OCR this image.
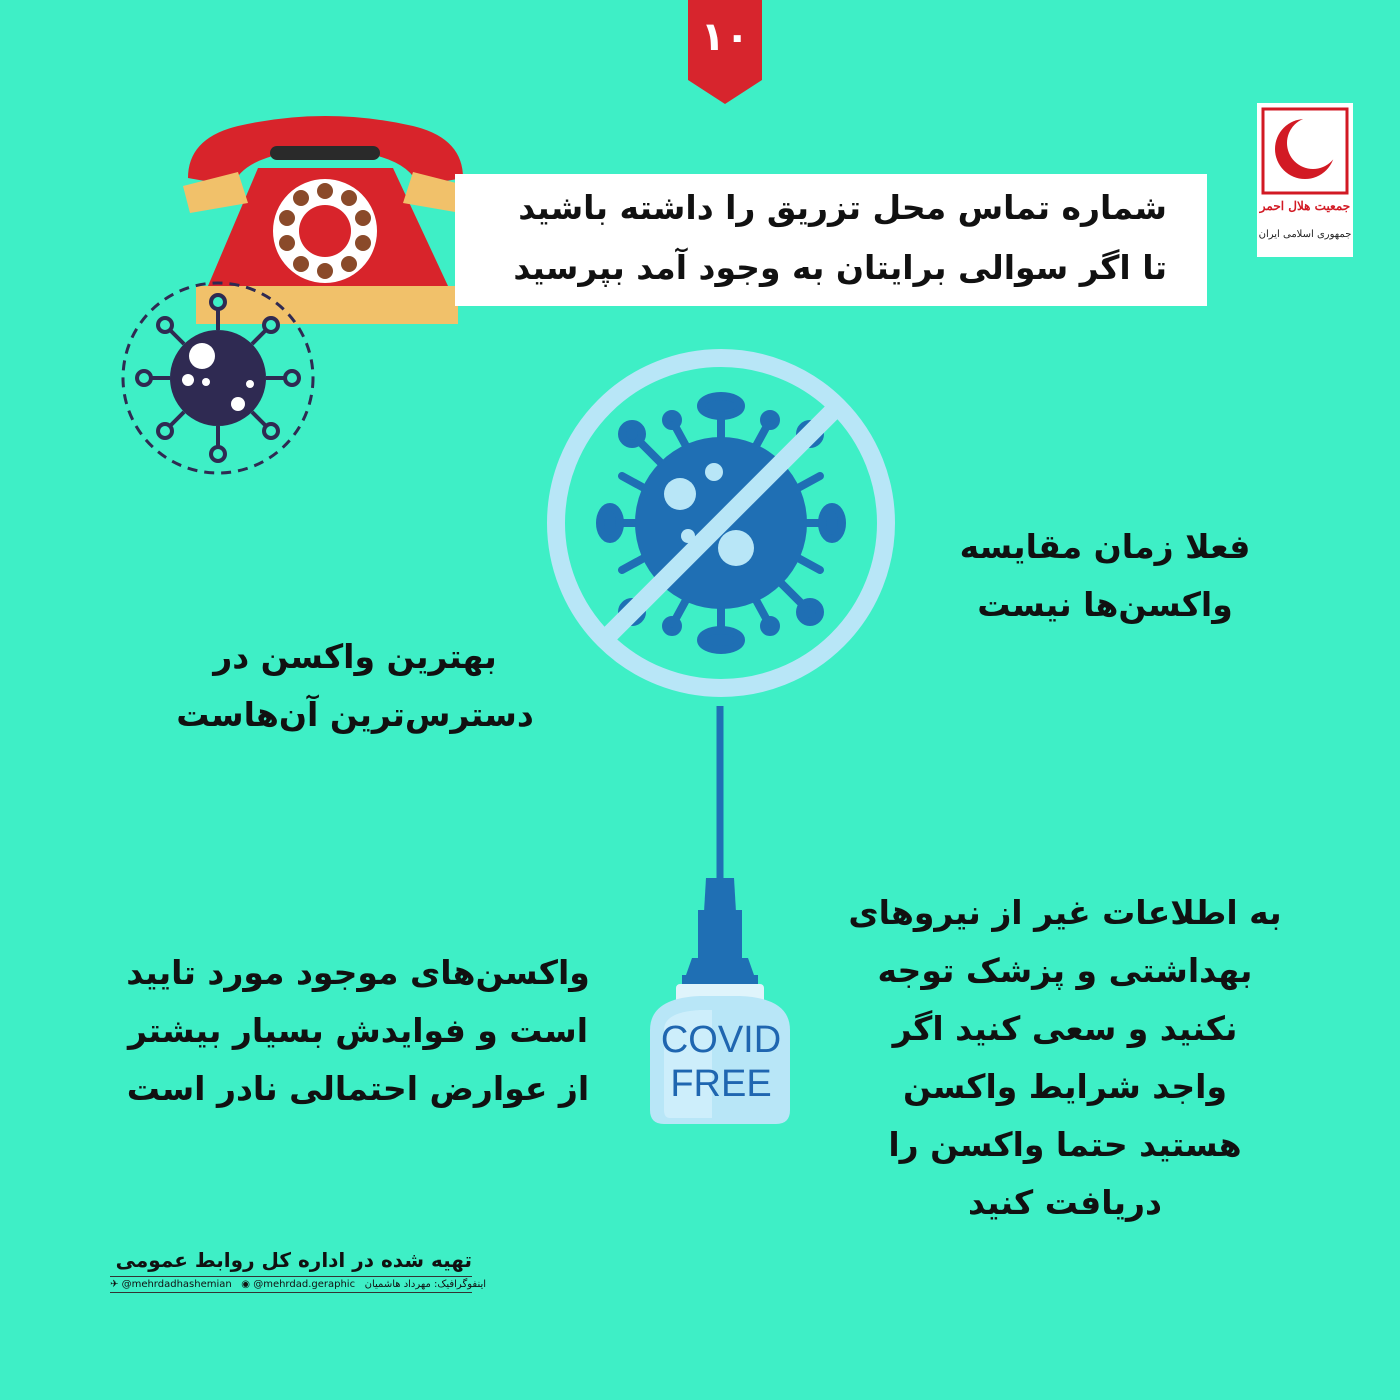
۱۰
شماره تماس محل تزریق را داشته باشید
تا اگر سوالی برایتان به وجود آمد بپرسید
جمعیت هلال احمر
جمهوری اسلامی ایران
COVID
FREE
فعلا زمان مقایسه
واکسن‌ها نیست
بهترین واکسن در
دسترس‌ترین آن‌هاست
واکسن‌های موجود مورد تایید
است و فوایدش بسیار بیشتر
از عوارض احتمالی نادر است
به اطلاعات غیر از نیروهای
بهداشتی و پزشک توجه
نکنید و سعی کنید اگر
واجد شرایط واکسن
هستید حتما واکسن را
دریافت کنید
تهیه شده در اداره کل روابط عمومی
✈ @mehrdadhashemian ◉ @mehrdad.geraphic اینفوگرافیک: مهرداد هاشمیان
